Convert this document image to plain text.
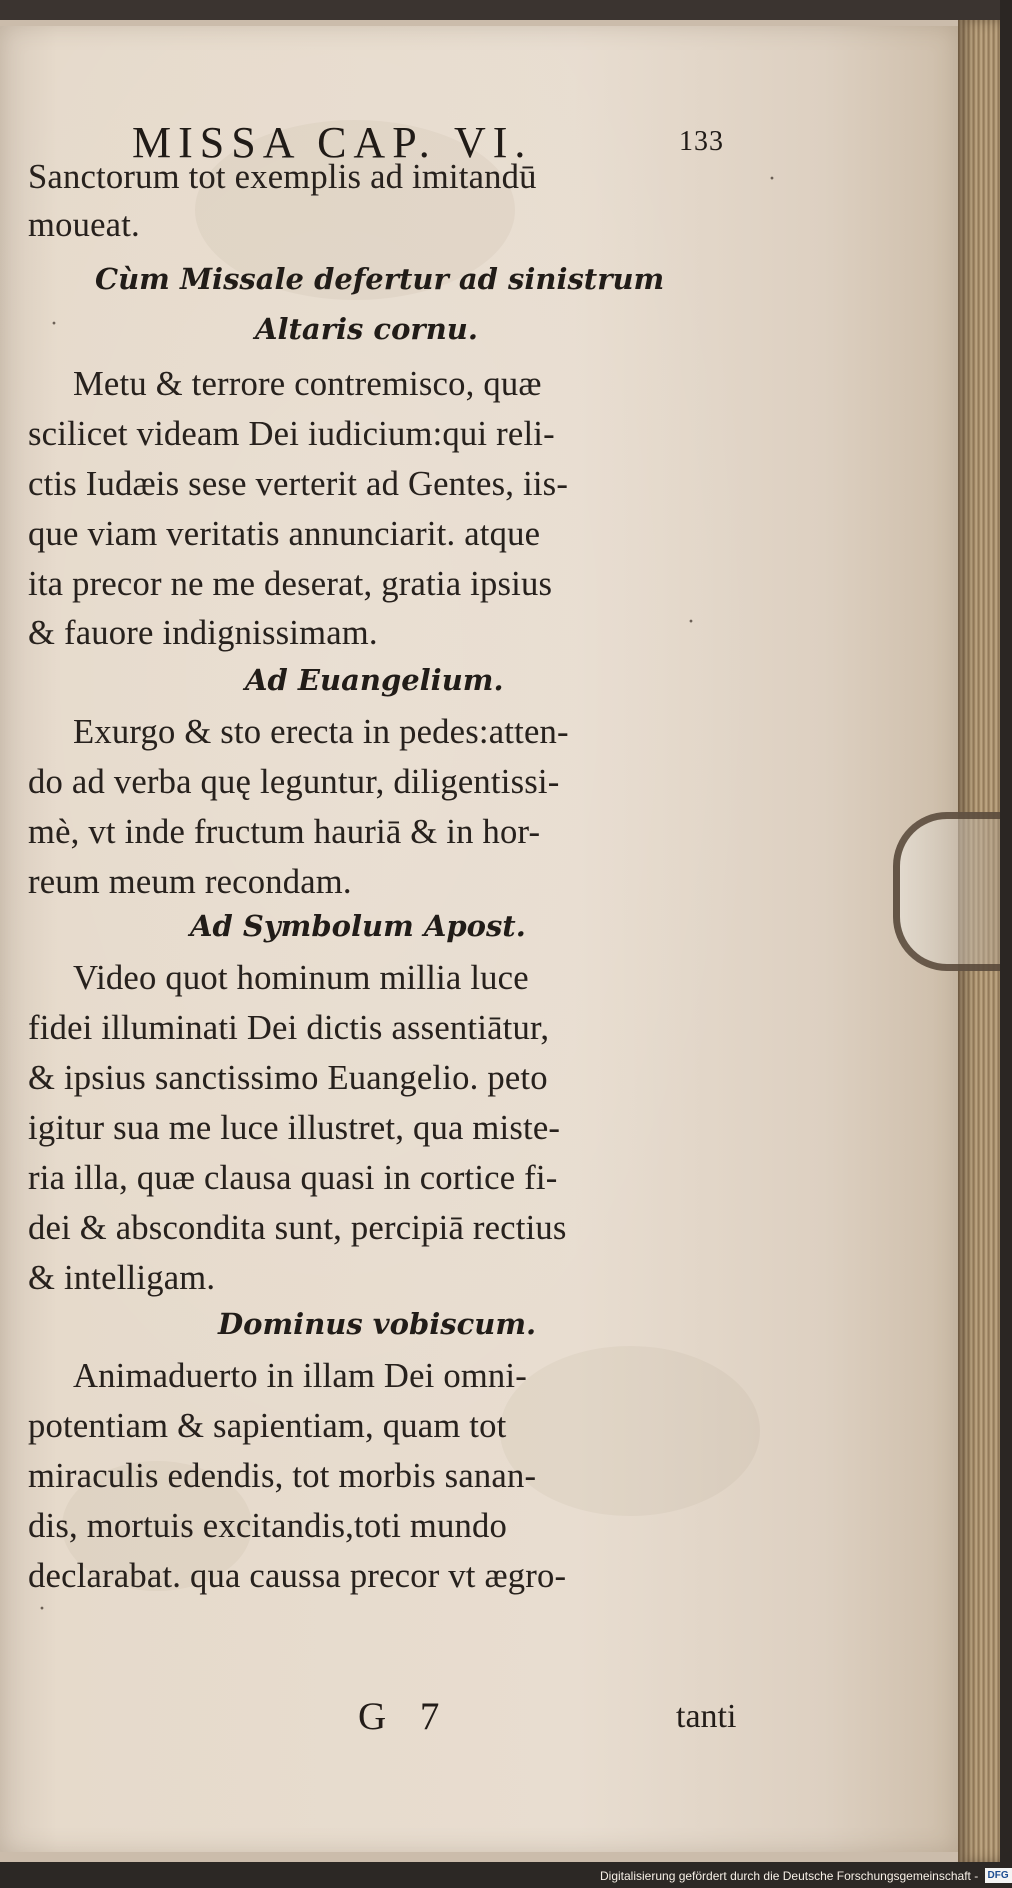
MISSA CAP. VI.	133
Sanctorum tot exemplis ad imitandū
moueat.
Cùm Missale defertur ad sinistrum
Altaris cornu.
Metu & terrore contremisco, quæ
scilicet videam Dei iudicium:qui reli-
ctis Iudæis sese verterit ad Gentes, iis-
que viam veritatis annunciarit. atque
ita precor ne me deserat, gratia ipsius
& fauore indignissimam.
Ad Euangelium.
Exurgo & sto erecta in pedes:atten-
do ad verba quę leguntur, diligentissi-
mè, vt inde fructum hauriā & in hor-
reum meum recondam.
Ad Symbolum Apost.
Video quot hominum millia luce
fidei illuminati Dei dictis assentiātur,
& ipsius sanctissimo Euangelio. peto
igitur sua me luce illustret, qua miste-
ria illa, quæ clausa quasi in cortice fi-
dei & abscondita sunt, percipiā rectius
& intelligam.
Dominus vobiscum.
Animaduerto in illam Dei omni-
potentiam & sapientiam, quam tot
miraculis edendis, tot morbis sanan-
dis, mortuis excitandis,toti mundo
declarabat. qua caussa precor vt ægro-
G 7	tanti
·
·
·
·
Digitalisierung gefördert durch die Deutsche Forschungsgemeinschaft - DFG
